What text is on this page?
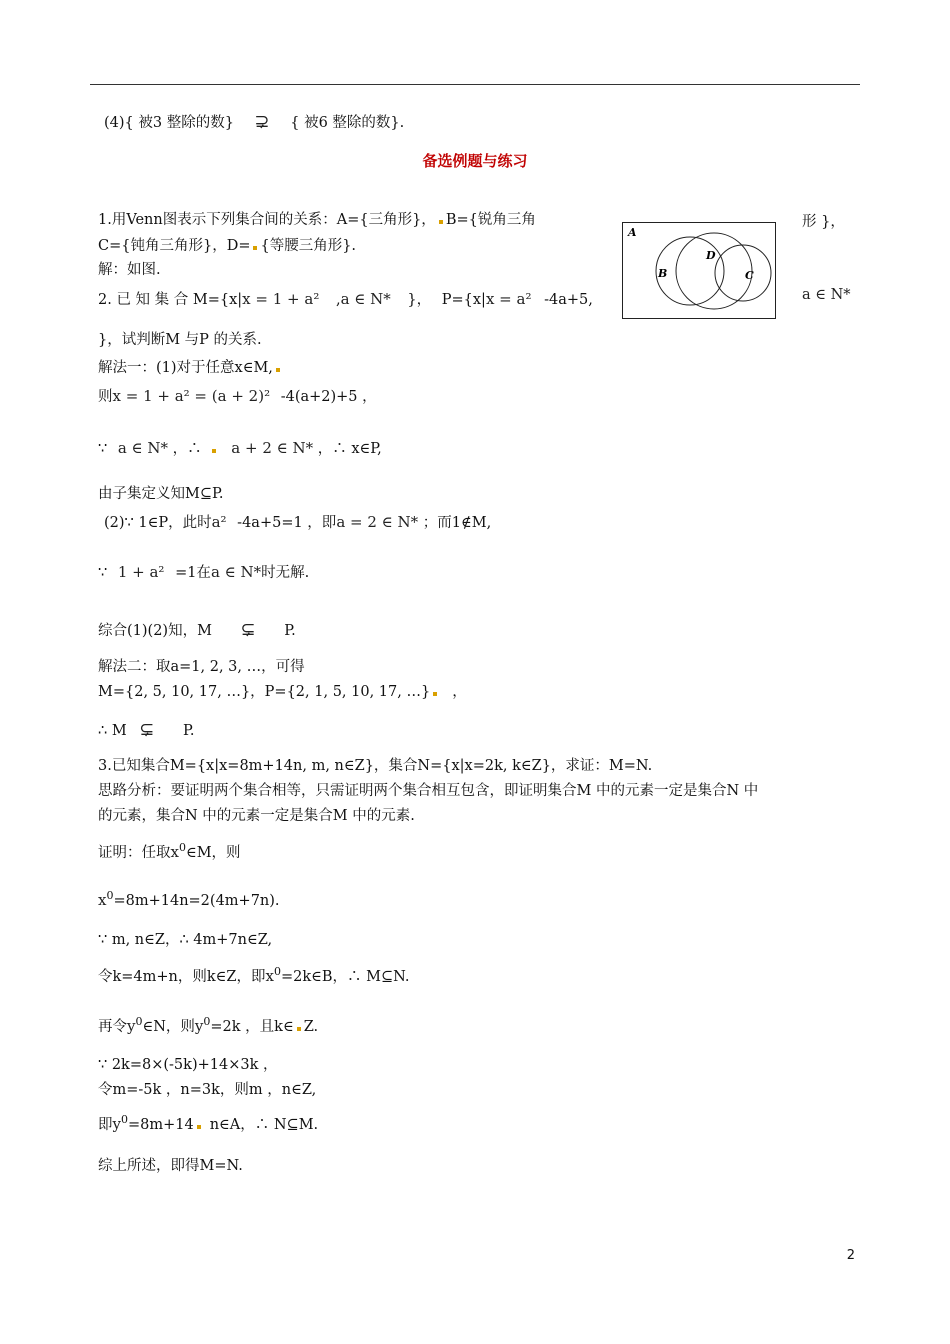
(4){ 被3 整除的数} ⊋ { 被6 整除的数}.
备选例题与练习
1.用Venn图表示下列集合间的关系：A={三角形}， B={锐角三角	形 }，
C={钝角三角形}，D= {等腰三角形}.
解：如图.
A
B
D
C
2. 已 知 集 合 M={x|x = 1 + a² ,a ∈ N* }， P={x|x = a² -4a+5,	a ∈ N*
}，试判断M 与P 的关系.
解法一：(1)对于任意x∈M,
则x = 1 + a² = (a + 2)² -4(a+2)+5 ，
∵ a ∈ N* ，∴ a + 2 ∈ N* ，∴ x∈P,
由子集定义知M⊆P.
(2)∵ 1∈P，此时a² -4a+5=1 ，即a = 2 ∈ N* ；而1∉M,
∵ 1 + a² =1在a ∈ N*时无解.
综合(1)(2)知，M ⊊ P.
解法二：取a=1, 2, 3, …，可得
M={2, 5, 10, 17, …}，P={2, 1, 5, 10, 17, …} ，
∴ M ⊊ P.
3.已知集合M={x|x=8m+14n, m, n∈Z}，集合N={x|x=2k, k∈Z}，求证：M=N.
思路分析：要证明两个集合相等，只需证明两个集合相互包含，即证明集合M 中的元素一定是集合N 中
的元素，集合N 中的元素一定是集合M 中的元素.
证明：任取$x^0\in M$，则
$x^0=8m+14n=2(4m+7n)$.
∵ m, n∈Z，∴ 4m+7n∈Z,
令k=4m+n，则k∈Z，即$x^0=2k\in B$，∴ M⊆N.
再令$y^0\in N$，则$y^0=2k$ ，且k∈ Z.
∵ 2k=8×(-5k)+14×3k ，
令m=-5k ，n=3k，则m ，n∈Z,
即$y^0=8m+14$ n∈A，∴ N⊆M.
综上所述，即得M=N.
2
